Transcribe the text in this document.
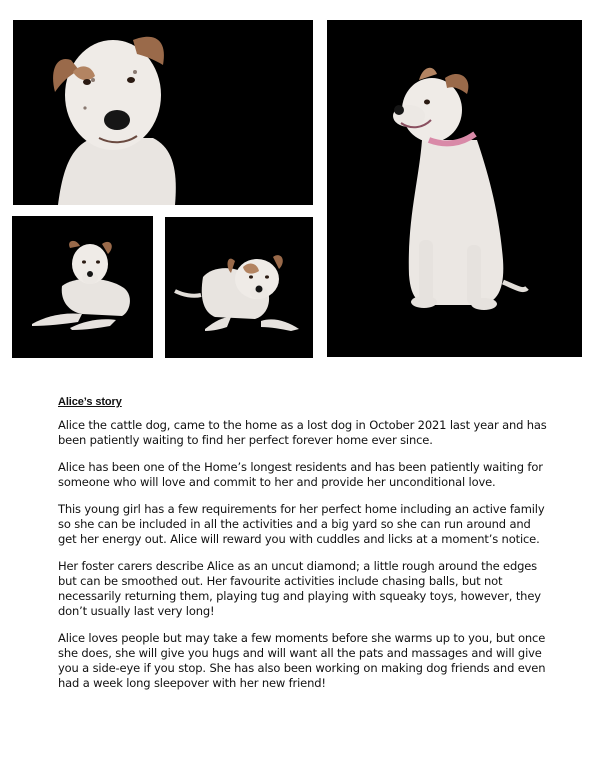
Alice’s story

Alice the cattle dog, came to the home as a lost dog in October 2021 last year and has been patiently waiting to find her perfect forever home ever since.

Alice has been one of the Home’s longest residents and has been patiently waiting for someone who will love and commit to her and provide her unconditional love.

This young girl has a few requirements for her perfect home including an active family so she can be included in all the activities and a big yard so she can run around and get her energy out. Alice will reward you with cuddles and licks at a moment’s notice.

Her foster carers describe Alice as an uncut diamond; a little rough around the edges but can be smoothed out. Her favourite activities include chasing balls, but not necessarily returning them, playing tug and playing with squeaky toys, however, they don’t usually last very long!

Alice loves people but may take a few moments before she warms up to you, but once she does, she will give you hugs and will want all the pats and massages and will give you a side-eye if you stop. She has also been working on making dog friends and even had a week long sleepover with her new friend!
